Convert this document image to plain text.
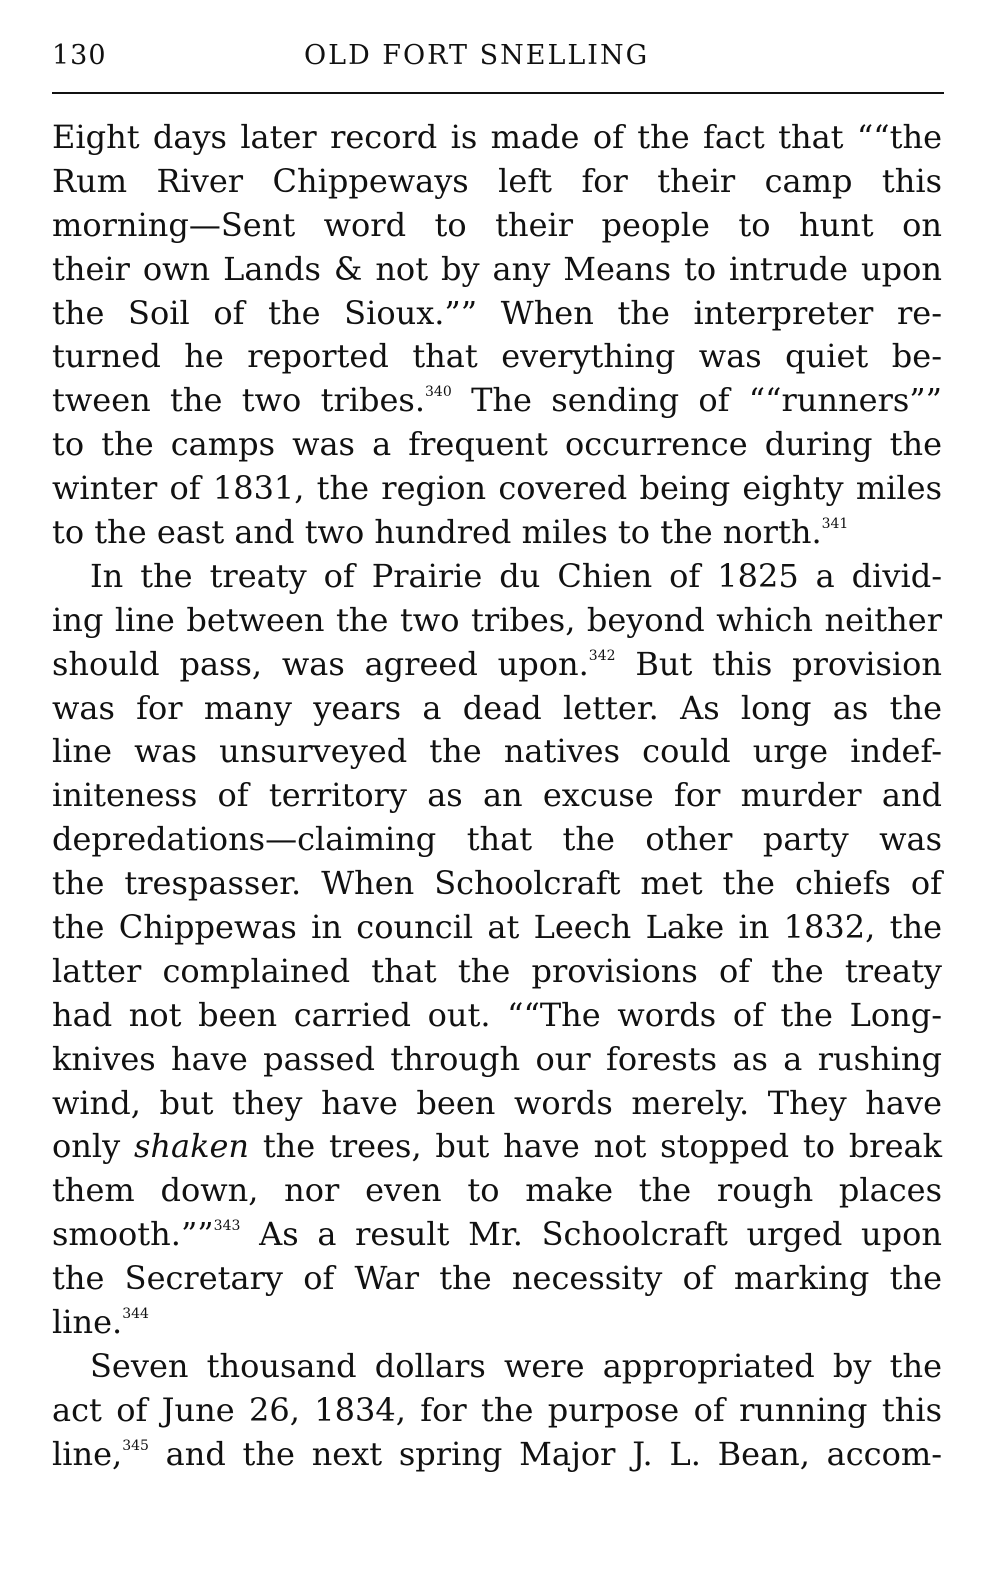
130	OLD FORT SNELLING
Eight days later record is made of the fact that ““the
Rum River Chippeways left for their camp this
morning—Sent word to their people to hunt on
their own Lands & not by any Means to intrude upon
the Soil of the Sioux.”” When the interpreter re-
turned he reported that everything was quiet be-
tween the two tribes.$^{340}$ The sending of ““runners””
to the camps was a frequent occurrence during the
winter of 1831, the region covered being eighty miles
to the east and two hundred miles to the north.$^{341}$
In the treaty of Prairie du Chien of 1825 a divid-
ing line between the two tribes, beyond which neither
should pass, was agreed upon.$^{342}$ But this provision
was for many years a dead letter. As long as the
line was unsurveyed the natives could urge indef-
initeness of territory as an excuse for murder and
depredations—claiming that the other party was
the trespasser. When Schoolcraft met the chiefs of
the Chippewas in council at Leech Lake in 1832, the
latter complained that the provisions of the treaty
had not been carried out. ““The words of the Long-
knives have passed through our forests as a rushing
wind, but they have been words merely. They have
only shaken the trees, but have not stopped to break
them down, nor even to make the rough places
smooth.””$^{343}$ As a result Mr. Schoolcraft urged upon
the Secretary of War the necessity of marking the
line.$^{344}$
Seven thousand dollars were appropriated by the
act of June 26, 1834, for the purpose of running this
line,$^{345}$ and the next spring Major J. L. Bean, accom-
